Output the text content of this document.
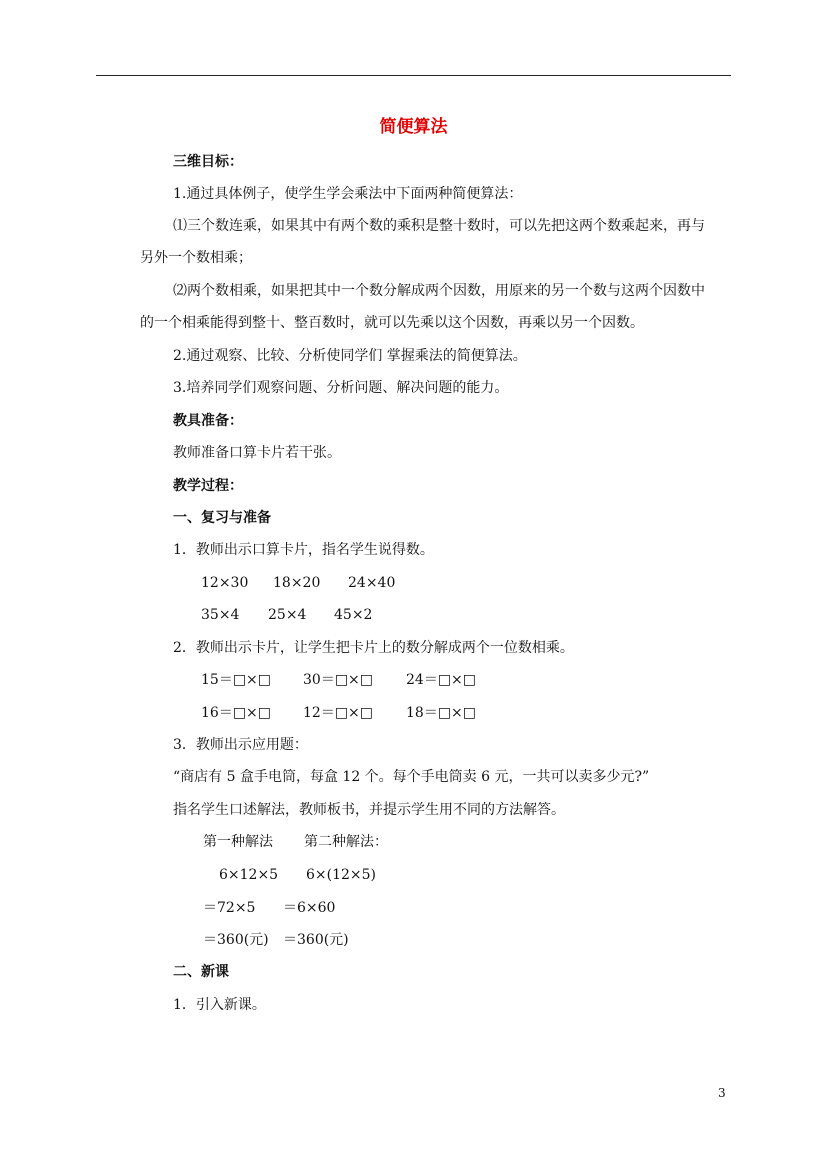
简便算法
三维目标：
1.通过具体例子，使学生学会乘法中下面两种简便算法：
⑴三个数连乘，如果其中有两个数的乘积是整十数时，可以先把这两个数乘起来，再与
另外一个数相乘；
⑵两个数相乘，如果把其中一个数分解成两个因数，用原来的另一个数与这两个因数中
的一个相乘能得到整十、整百数时，就可以先乘以这个因数，再乘以另一个因数。
2.通过观察、比较、分析使同学们 掌握乘法的简便算法。
3.培养同学们观察问题、分析问题、解决问题的能力。
教具准备：
教师准备口算卡片若干张。
教学过程：
一、复习与准备
1．教师出示口算卡片，指名学生说得数。
12×30 18×20 24×40
35×4 25×4 45×2
2．教师出示卡片，让学生把卡片上的数分解成两个一位数相乘。
15＝□×□ 30＝□×□ 24＝□×□
16＝□×□ 12＝□×□ 18＝□×□
3．教师出示应用题：
“商店有 5 盒手电筒，每盒 12 个。每个手电筒卖 6 元，一共可以卖多少元?”
指名学生口述解法，教师板书，并提示学生用不同的方法解答。
第一种解法 第二种解法：
6×12×5 6×(12×5)
＝72×5 ＝6×60
＝360(元) ＝360(元)
二、新课
1．引入新课。
3
